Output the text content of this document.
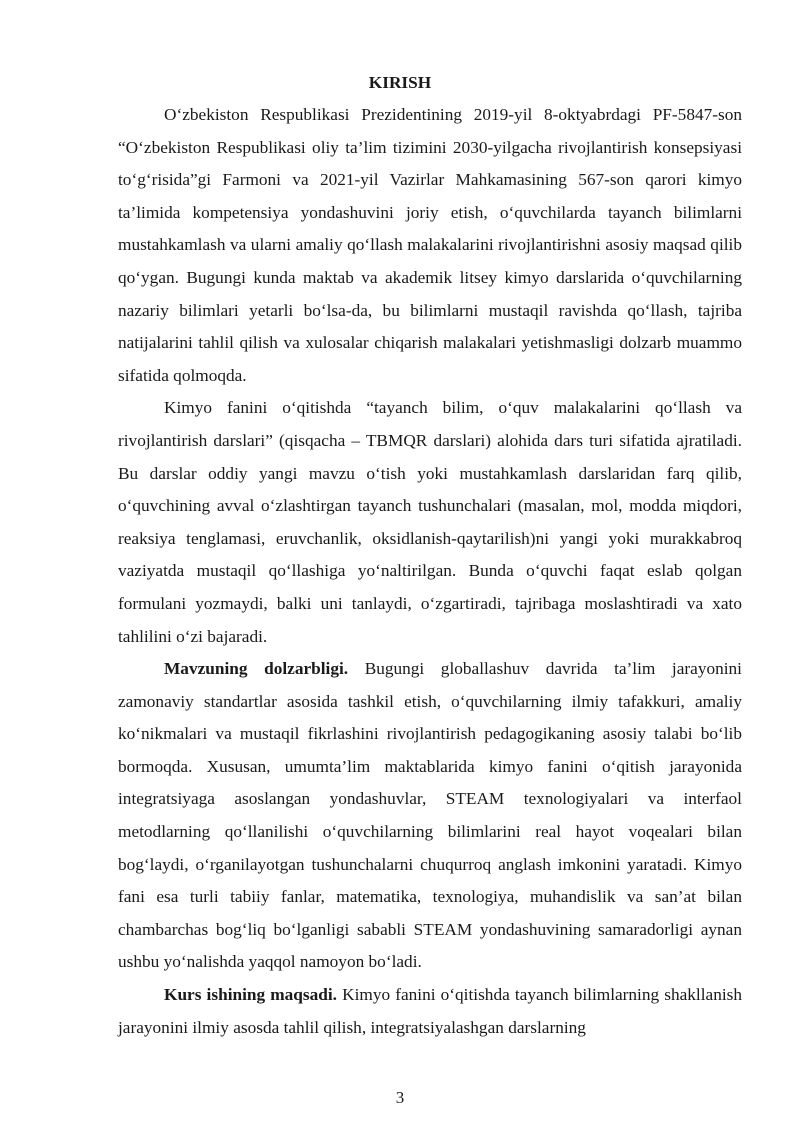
KIRISH

O‘zbekiston Respublikasi Prezidentining 2019-yil 8-oktyabrdagi PF-5847-son “O‘zbekiston Respublikasi oliy ta’lim tizimini 2030-yilgacha rivojlantirish konsepsiyasi to‘g‘risida”gi Farmoni va 2021-yil Vazirlar Mahkamasining 567-son qarori kimyo ta’limida kompetensiya yondashuvini joriy etish, o‘quvchilarda tayanch bilimlarni mustahkamlash va ularni amaliy qo‘llash malakalarini rivojlantirishni asosiy maqsad qilib qo‘ygan. Bugungi kunda maktab va akademik litsey kimyo darslarida o‘quvchilarning nazariy bilimlari yetarli bo‘lsa-da, bu bilimlarni mustaqil ravishda qo‘llash, tajriba natijalarini tahlil qilish va xulosalar chiqarish malakalari yetishmasligi dolzarb muammo sifatida qolmoqda.

Kimyo fanini o‘qitishda “tayanch bilim, o‘quv malakalarini qo‘llash va rivojlantirish darslari” (qisqacha – TBMQR darslari) alohida dars turi sifatida ajratiladi. Bu darslar oddiy yangi mavzu o‘tish yoki mustahkamlash darslaridan farq qilib, o‘quvchining avval o‘zlashtirgan tayanch tushunchalari (masalan, mol, modda miqdori, reaksiya tenglamasi, eruvchanlik, oksidlanish-qaytarilish)ni yangi yoki murakkabroq vaziyatda mustaqil qo‘llashiga yo‘naltirilgan. Bunda o‘quvchi faqat eslab qolgan formulani yozmaydi, balki uni tanlaydi, o‘zgartiradi, tajribaga moslashtiradi va xato tahlilini o‘zi bajaradi.

Mavzuning dolzarbligi. Bugungi globallashuv davrida ta’lim jarayonini zamonaviy standartlar asosida tashkil etish, o‘quvchilarning ilmiy tafakkuri, amaliy ko‘nikmalari va mustaqil fikrlashini rivojlantirish pedagogikaning asosiy talabi bo‘lib bormoqda. Xususan, umumta’lim maktablarida kimyo fanini o‘qitish jarayonida integratsiyaga asoslangan yondashuvlar, STEAM texnologiyalari va interfaol metodlarning qo‘llanilishi o‘quvchilarning bilimlarini real hayot voqealari bilan bog‘laydi, o‘rganilayotgan tushunchalarni chuqurroq anglash imkonini yaratadi. Kimyo fani esa turli tabiiy fanlar, matematika, texnologiya, muhandislik va san’at bilan chambarchas bog‘liq bo‘lganligi sababli STEAM yondashuvining samaradorligi aynan ushbu yo‘nalishda yaqqol namoyon bo‘ladi.

Kurs ishining maqsadi. Kimyo fanini o‘qitishda tayanch bilimlarning shakllanish jarayonini ilmiy asosda tahlil qilish, integratsiyalashgan darslarning

3
